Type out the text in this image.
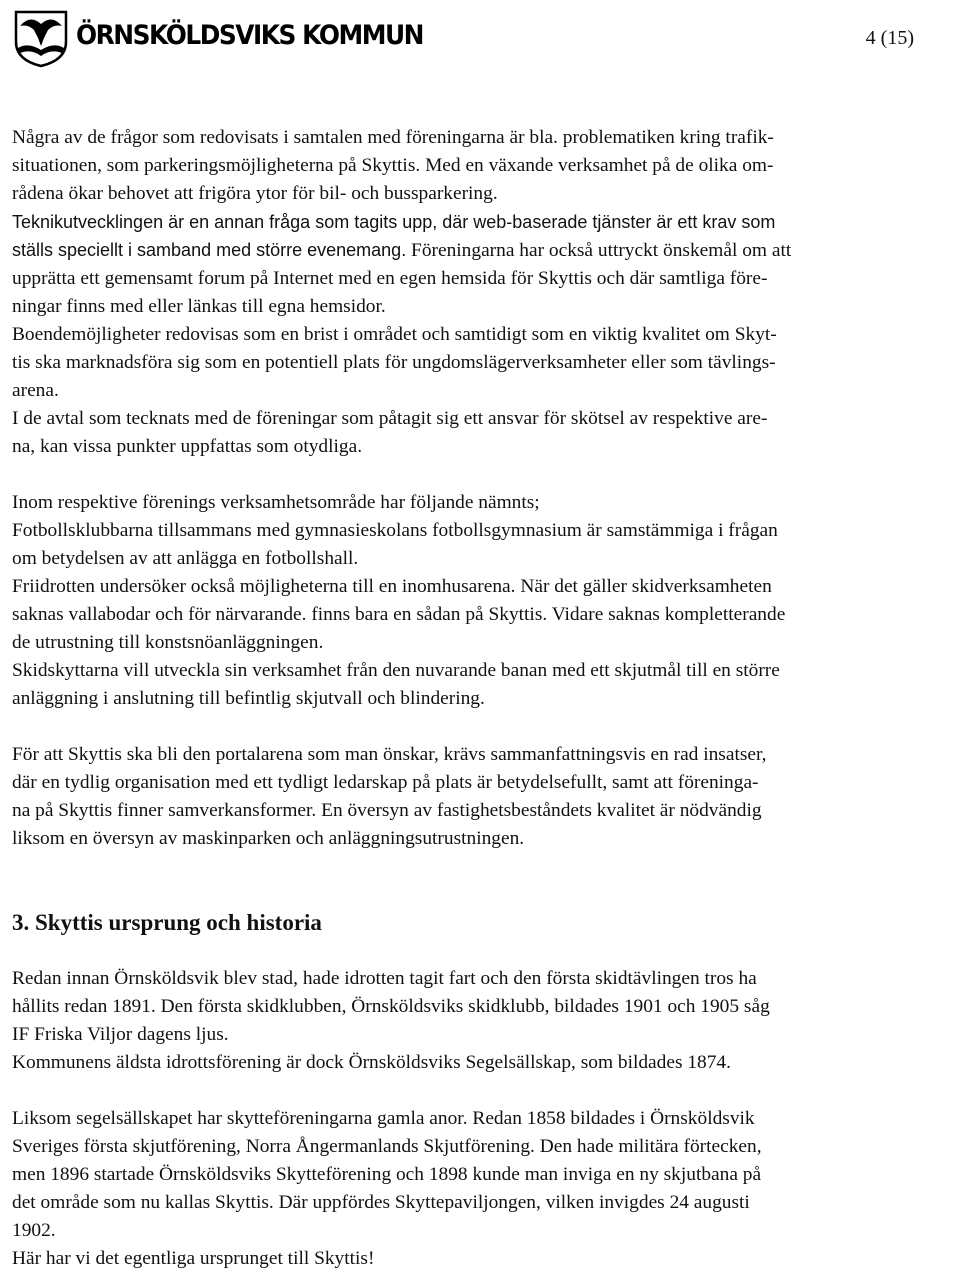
ÖRNSKÖLDSVIKS KOMMUN	4 (15)

Några av de frågor som redovisats i samtalen med föreningarna är bla. problematiken kring trafik-

situationen, som parkeringsmöjligheterna på Skyttis. Med en växande verksamhet på de olika om-

rådena ökar behovet att frigöra ytor för bil- och bussparkering.

Teknikutvecklingen är en annan fråga som tagits upp, där web-baserade tjänster är ett krav som

ställs speciellt i samband med större evenemang. Föreningarna har också uttryckt önskemål om att

upprätta ett gemensamt forum på Internet med en egen hemsida för Skyttis och där samtliga före-

ningar finns med eller länkas till egna hemsidor.

Boendemöjligheter redovisas som en brist i området och samtidigt som en viktig kvalitet om Skyt-

tis ska marknadsföra sig som en potentiell plats för ungdomslägerverksamheter eller som tävlings-

arena.

I de avtal som tecknats med de föreningar som påtagit sig ett ansvar för skötsel av respektive are-

na, kan vissa punkter uppfattas som otydliga.

Inom respektive förenings verksamhetsområde har följande nämnts;

Fotbollsklubbarna tillsammans med gymnasieskolans fotbollsgymnasium är samstämmiga i frågan

om betydelsen av att anlägga en fotbollshall.

Friidrotten undersöker också möjligheterna till en inomhusarena. När det gäller skidverksamheten

saknas vallabodar och för närvarande. finns bara en sådan på Skyttis. Vidare saknas kompletterande

de utrustning till konstsnöanläggningen.

Skidskyttarna vill utveckla sin verksamhet från den nuvarande banan med ett skjutmål till en större

anläggning i anslutning till befintlig skjutvall och blindering.

För att Skyttis ska bli den portalarena som man önskar, krävs sammanfattningsvis en rad insatser,

där en tydlig organisation med ett tydligt ledarskap på plats är betydelsefullt, samt att föreninga-

na på Skyttis finner samverkansformer. En översyn av fastighetsbeståndets kvalitet är nödvändig

liksom en översyn av maskinparken och anläggningsutrustningen.

3. Skyttis ursprung och historia

Redan innan Örnsköldsvik blev stad, hade idrotten tagit fart och den första skidtävlingen tros ha

hållits redan 1891. Den första skidklubben, Örnsköldsviks skidklubb, bildades 1901 och 1905 såg

IF Friska Viljor dagens ljus.

Kommunens äldsta idrottsförening är dock Örnsköldsviks Segelsällskap, som bildades 1874.

Liksom segelsällskapet har skytteföreningarna gamla anor. Redan 1858 bildades i Örnsköldsvik

Sveriges första skjutförening, Norra Ångermanlands Skjutförening. Den hade militära förtecken,

men 1896 startade Örnsköldsviks Skytteförening och 1898 kunde man inviga en ny skjutbana på

det område som nu kallas Skyttis. Där uppfördes Skyttepaviljongen, vilken invigdes 24 augusti

1902.

Här har vi det egentliga ursprunget till Skyttis!
